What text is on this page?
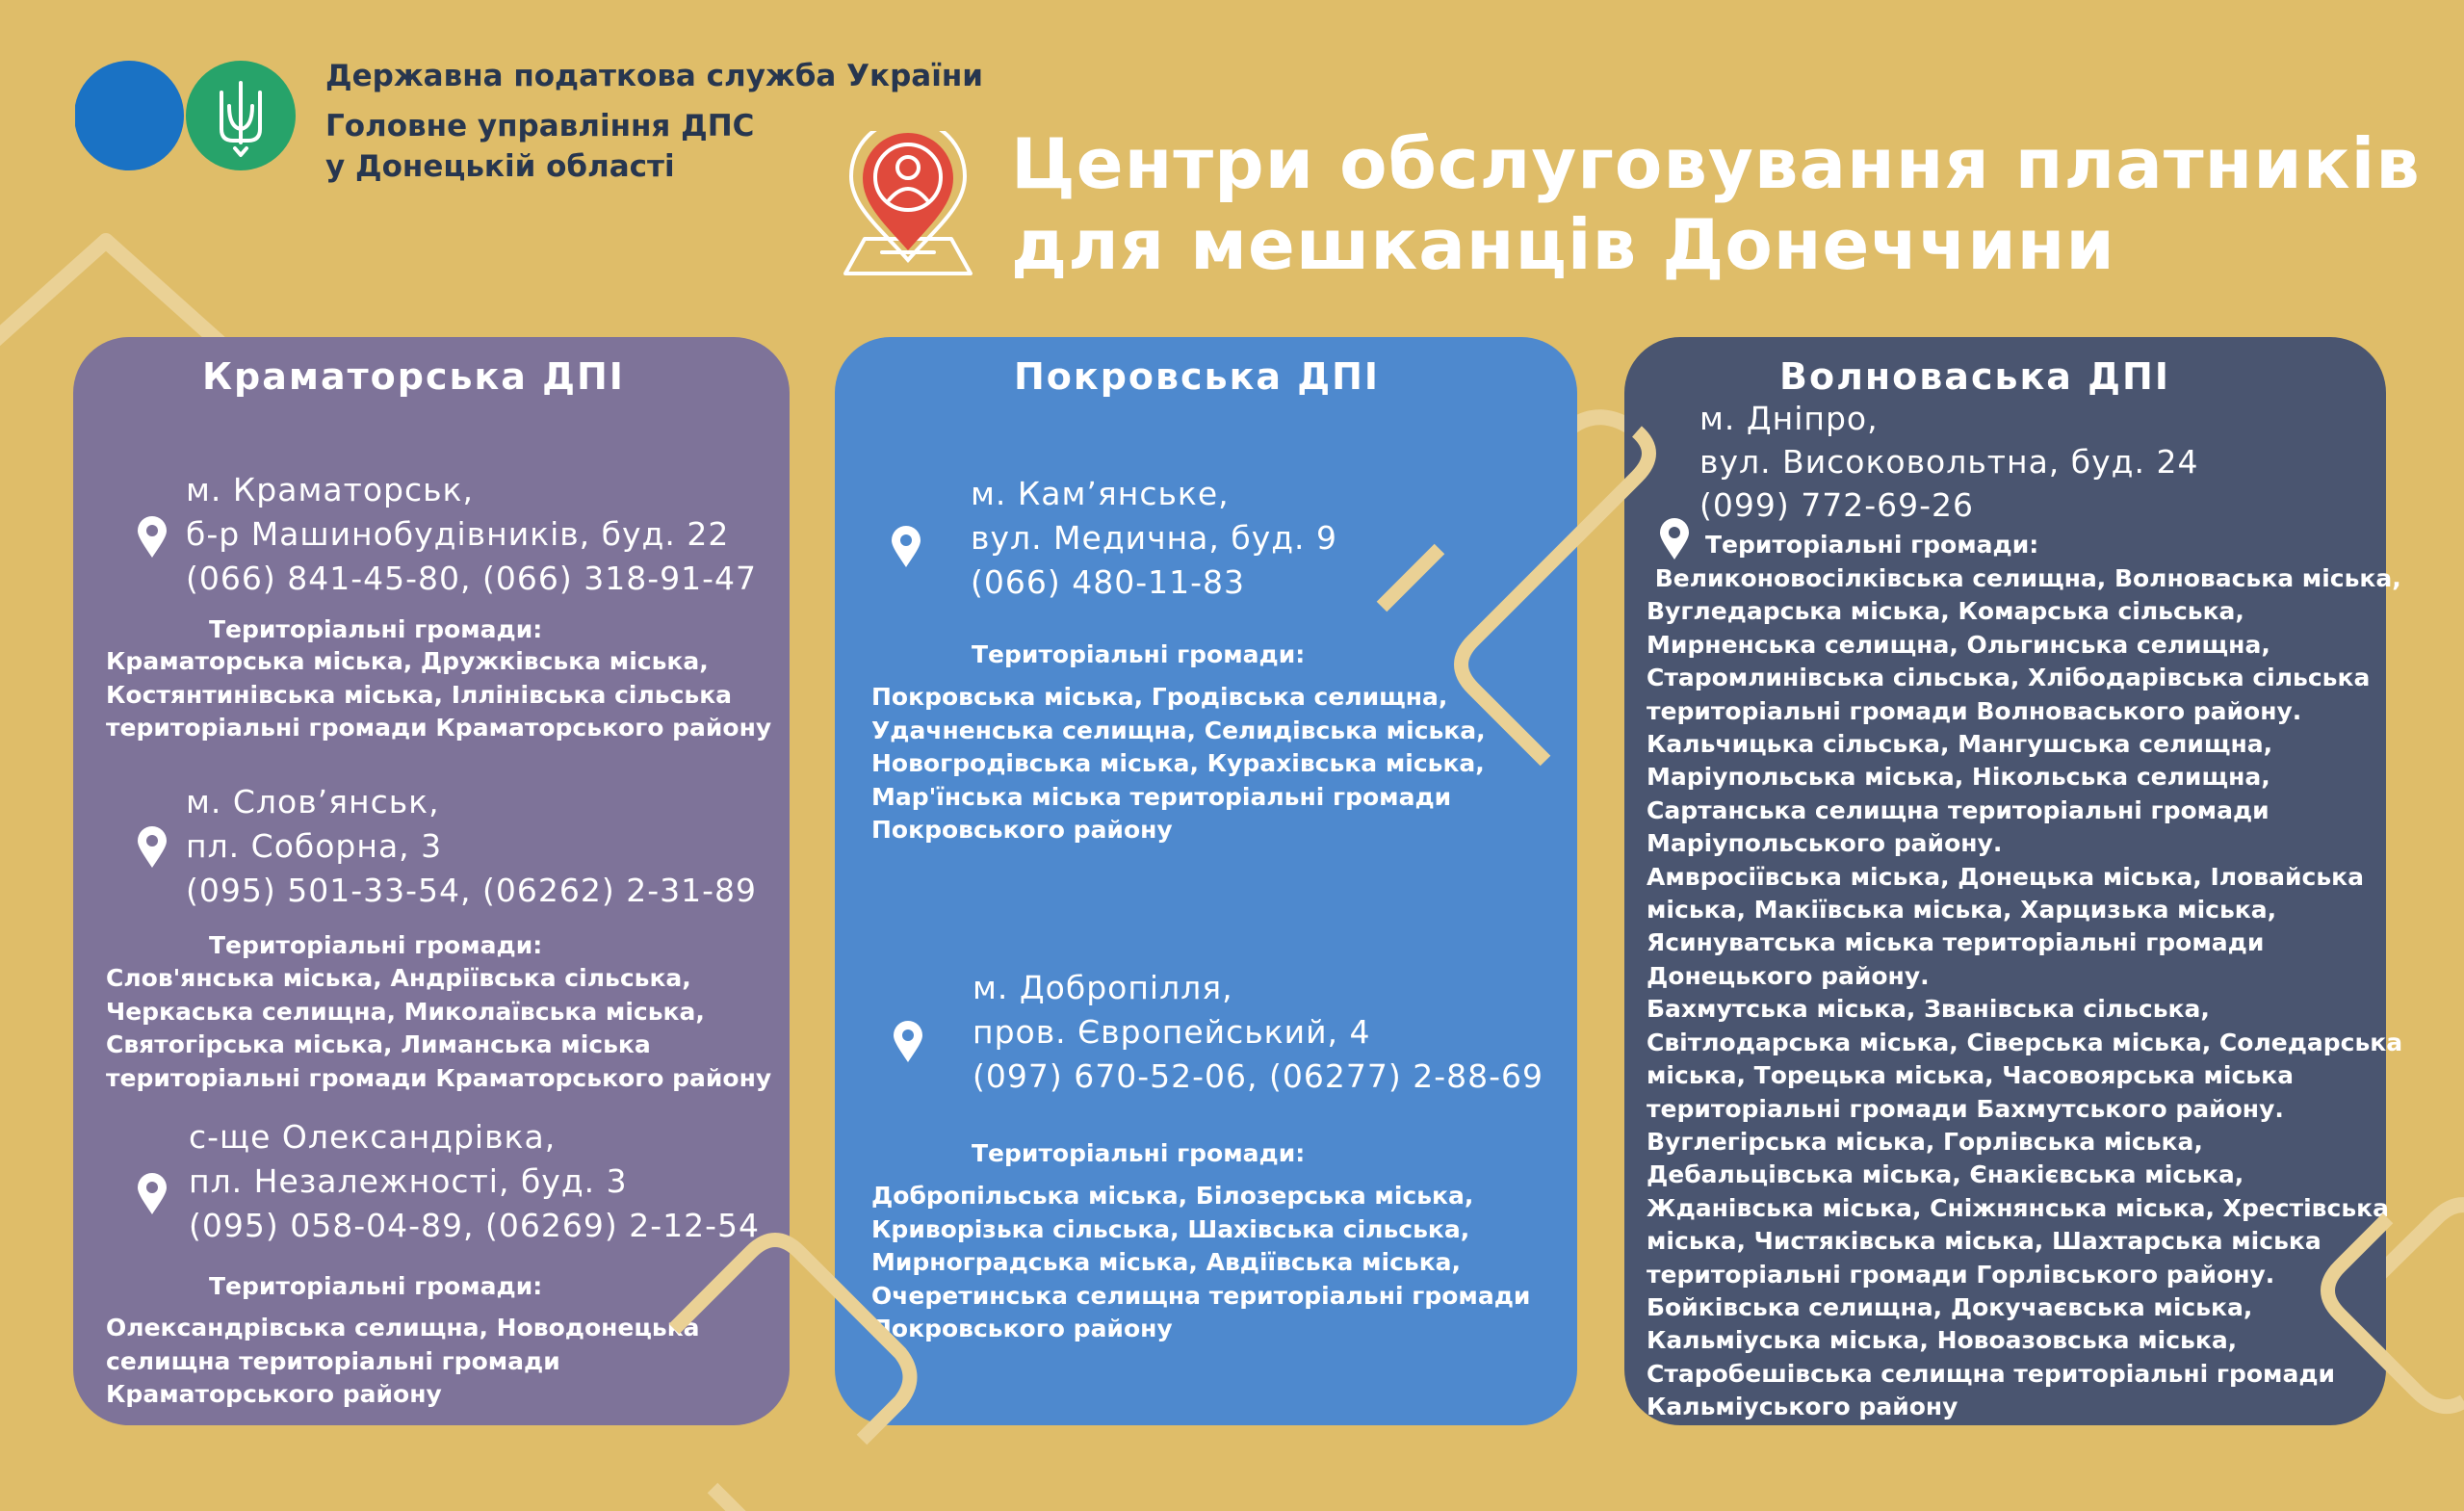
Державна податкова служба України
Головне управління ДПС
у Донецькій області	Центри обслуговування платників
для мешканців Донеччини
Краматорська ДПІ
м. Краматорськ,
б-р Машинобудівників, буд. 22
(066) 841-45-80, (066) 318-91-47
Територіальні громади:
Краматорська міська, Дружківська міська,
Костянтинівська міська, Іллінівська сільська
територіальні громади Краматорського району
м. Слов’янськ,
пл. Соборна, 3
(095) 501-33-54, (06262) 2-31-89
Територіальні громади:
Слов'янська міська, Андріївська сільська,
Черкаська селищна, Миколаївська міська,
Святогірська міська, Лиманська міська
територіальні громади Краматорського району
с-ще Олександрівка,
пл. Незалежності, буд. 3
(095) 058-04-89, (06269) 2-12-54
Територіальні громади:
Олександрівська селищна, Новодонецька
селищна територіальні громади
Краматорського району
Покровська ДПІ
м. Кам’янське,
вул. Медична, буд. 9
(066) 480-11-83
Територіальні громади:
Покровська міська, Гродівська селищна,
Удачненська селищна, Селидівська міська,
Новогродівська міська, Курахівська міська,
Мар'їнська міська територіальні громади
Покровського району
м. Добропілля,
пров. Європейський, 4
(097) 670-52-06, (06277) 2-88-69
Територіальні громади:
Добропільська міська, Білозерська міська,
Криворізька сільська, Шахівська сільська,
Мирноградська міська, Авдіївська міська,
Очеретинська селищна територіальні громади
Покровського району
Волноваська ДПІ
м. Дніпро,
вул. Високовольтна, буд. 24
(099) 772-69-26
Територіальні громади:
Великоновосілківська селищна, Волноваська міська,
Вугледарська міська, Комарська сільська,
Мирненська селищна, Ольгинська селищна,
Старомлинівська сільська, Хлібодарівська сільська
територіальні громади Волноваського району.
Кальчицька сільська, Мангушська селищна,
Маріупольська міська, Нікольська селищна,
Сартанська селищна територіальні громади
Маріупольського району.
Амвросіївська міська, Донецька міська, Іловайська
міська, Макіївська міська, Харцизька міська,
Ясинуватська міська територіальні громади
Донецького району.
Бахмутська міська, Званівська сільська,
Світлодарська міська, Сіверська міська, Соледарська
міська, Торецька міська, Часовоярська міська
територіальні громади Бахмутського району.
Вуглегірська міська, Горлівська міська,
Дебальцівська міська, Єнакієвська міська,
Жданівська міська, Сніжнянська міська, Хрестівська
міська, Чистяківська міська, Шахтарська міська
територіальні громади Горлівського району.
Бойківська селищна, Докучаєвська міська,
Кальміуська міська, Новоазовська міська,
Старобешівська селищна територіальні громади
Кальміуського району
